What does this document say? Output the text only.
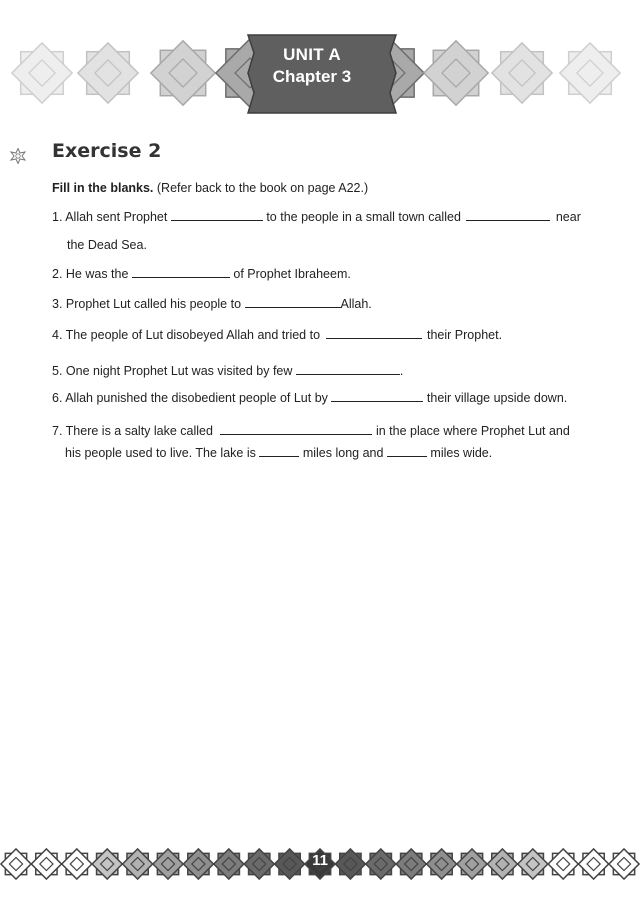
UNIT A
Chapter 3
Exercise 2
Fill in the blanks. (Refer back to the book on page A22.)
1. Allah sent Prophet	to the people in a small town called	near
the Dead Sea.
2. He was the	of Prophet Ibraheem.
3. Prophet Lut called his people to	Allah.
4. The people of Lut disobeyed Allah and tried to	their Prophet.
5. One night Prophet Lut was visited by few	.
6. Allah punished the disobedient people of Lut by	their village upside down.
7. There is a salty lake called	in the place where Prophet Lut and
his people used to live. The lake is	miles long and	miles wide.
11
